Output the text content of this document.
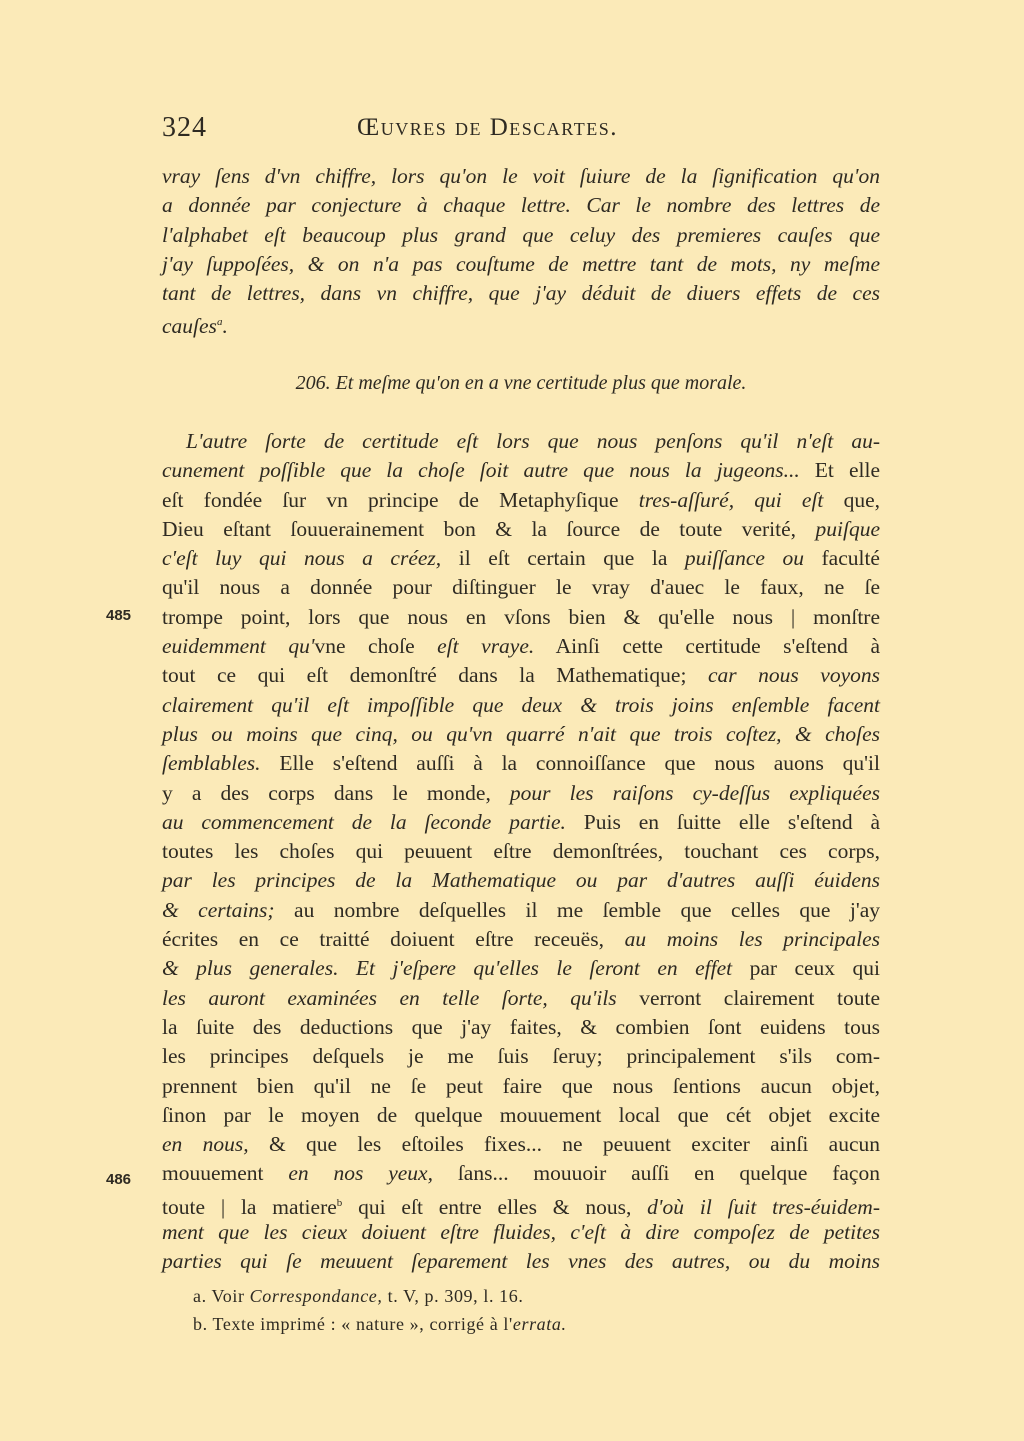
324	Œuvres de Descartes.
vray ſens d'vn chiffre, lors qu'on le voit ſuiure de la ſignification qu'on
a donnée par conjecture à chaque lettre. Car le nombre des lettres de
l'alphabet eſt beaucoup plus grand que celuy des premieres cauſes que
j'ay ſuppoſées, & on n'a pas couſtume de mettre tant de mots, ny meſme
tant de lettres, dans vn chiffre, que j'ay déduit de diuers effets de ces
cauſes$^a$.
206. Et meſme qu'on en a vne certitude plus que morale.
L'autre ſorte de certitude eſt lors que nous penſons qu'il n'eſt au-
cunement poſſible que la choſe ſoit autre que nous la jugeons... Et elle
eſt fondée ſur vn principe de Metaphyſique tres-aſſuré, qui eſt que,
Dieu eſtant ſouuerainement bon & la ſource de toute verité, puiſque
c'eſt luy qui nous a créez, il eſt certain que la puiſſance ou faculté
qu'il nous a donnée pour diſtinguer le vray d'auec le faux, ne ſe
trompe point, lors que nous en vſons bien & qu'elle nous | monſtre
euidemment qu'vne choſe eſt vraye. Ainſi cette certitude s'eſtend à
tout ce qui eſt demonſtré dans la Mathematique; car nous voyons
clairement qu'il eſt impoſſible que deux & trois joins enſemble facent
plus ou moins que cinq, ou qu'vn quarré n'ait que trois coſtez, & choſes
ſemblables. Elle s'eſtend auſſi à la connoiſſance que nous auons qu'il
y a des corps dans le monde, pour les raiſons cy-deſſus expliquées
au commencement de la ſeconde partie. Puis en ſuitte elle s'eſtend à
toutes les choſes qui peuuent eſtre demonſtrées, touchant ces corps,
par les principes de la Mathematique ou par d'autres auſſi éuidens
& certains; au nombre deſquelles il me ſemble que celles que j'ay
écrites en ce traitté doiuent eſtre receuës, au moins les principales
& plus generales. Et j'eſpere qu'elles le ſeront en effet par ceux qui
les auront examinées en telle ſorte, qu'ils verront clairement toute
la ſuite des deductions que j'ay faites, & combien ſont euidens tous
les principes deſquels je me ſuis ſeruy; principalement s'ils com-
prennent bien qu'il ne ſe peut faire que nous ſentions aucun objet,
ſinon par le moyen de quelque mouuement local que cét objet excite
en nous, & que les eſtoiles fixes... ne peuuent exciter ainſi aucun
mouuement en nos yeux, ſans... mouuoir auſſi en quelque façon
toute | la matiere$^b$ qui eſt entre elles & nous, d'où il ſuit tres-éuidem-
ment que les cieux doiuent eſtre fluides, c'eſt à dire compoſez de petites
parties qui ſe meuuent ſeparement les vnes des autres, ou du moins
485
486
a. Voir Correspondance, t. V, p. 309, l. 16.
b. Texte imprimé : « nature », corrigé à l'errata.
